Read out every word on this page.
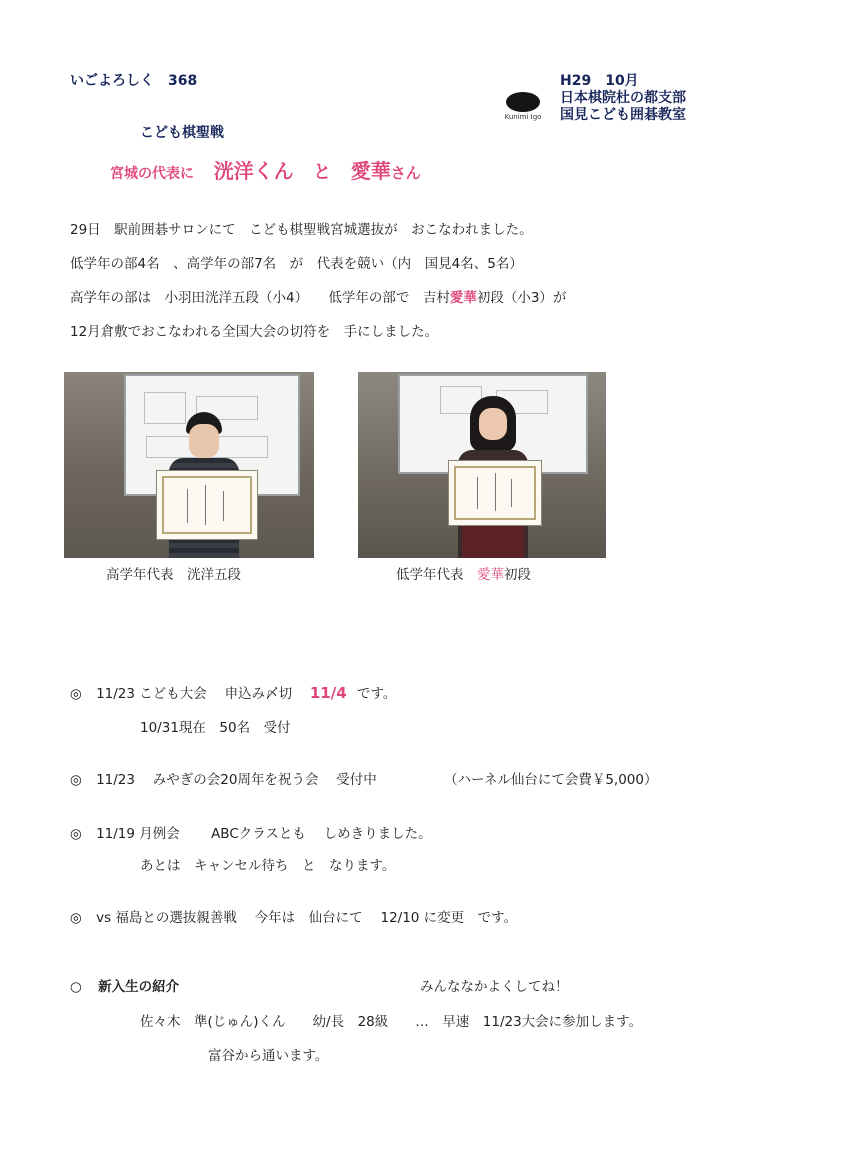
いごよろしく　368
Kunimi Igo
H29　10月
日本棋院杜の都支部
国見こども囲碁教室
こども棋聖戦
宮城の代表に 洸洋くん と 愛華さん
29日　駅前囲碁サロンにて　こども棋聖戦宮城選抜が　おこなわれました。
低学年の部4名　、高学年の部7名　が　代表を競い（内　国見4名、5名）
高学年の部は　小羽田洸洋五段（小4）　　低学年の部で　吉村愛華初段（小3）が
12月倉敷でおこなわれる全国大会の切符を　手にしました。
高学年代表　洸洋五段	低学年代表　愛華初段
◎ 11/23 こども大会　 申込み〆切　 11/4 です。
10/31現在　50名　受付
◎ 11/23　 みやぎの会20周年を祝う会　 受付中	（ハーネル仙台にて会費￥5,000）
◎ 11/19 月例会　　 ABCクラスとも　 しめきりました。
あとは　キャンセル待ち　と　なります。
◎ vs 福島との選抜親善戦　 今年は　仙台にて　 12/10 に変更　です。
○ 新入生の紹介	みんななかよくしてね！
佐々木　準(じゅん)くん　　幼/長　28級　　…　早速　11/23大会に参加します。
富谷から通います。
